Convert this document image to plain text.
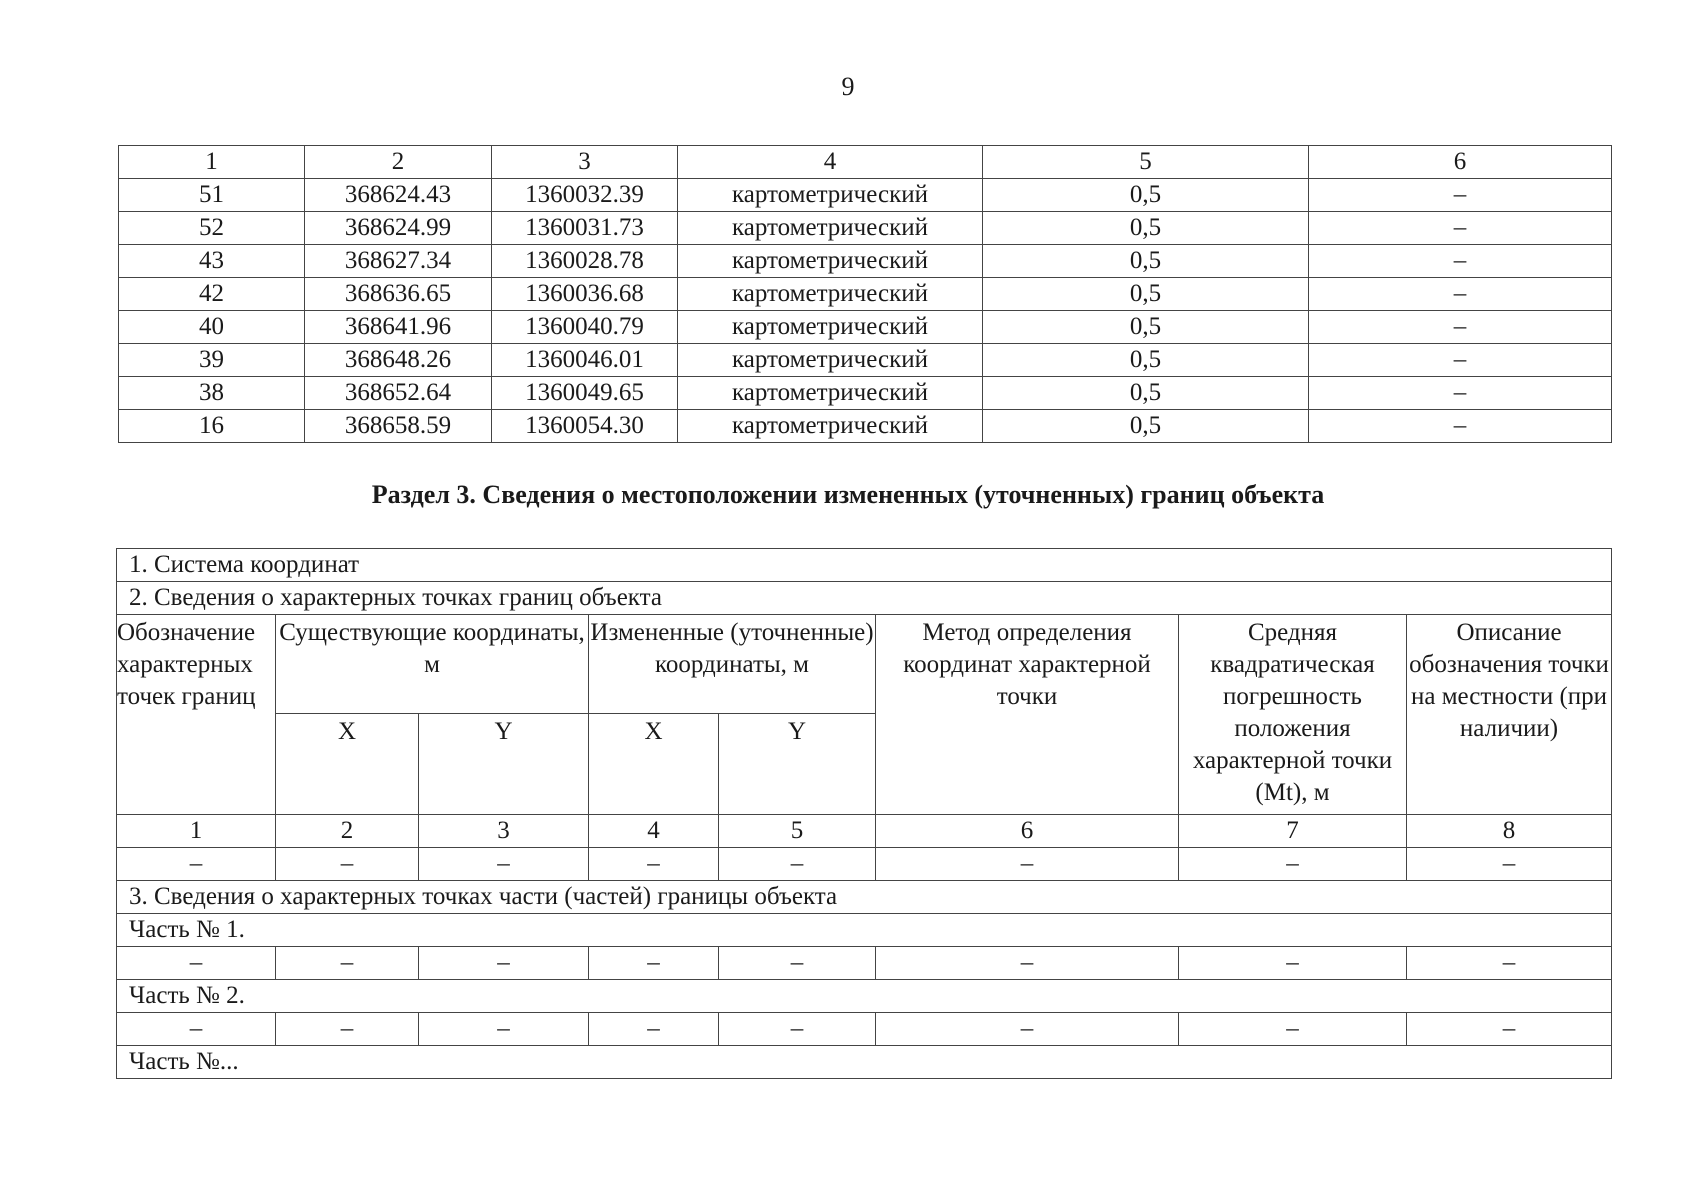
9
1	2	3	4	5	6
51	368624.43	1360032.39	картометрический	0,5	–
52	368624.99	1360031.73	картометрический	0,5	–
43	368627.34	1360028.78	картометрический	0,5	–
42	368636.65	1360036.68	картометрический	0,5	–
40	368641.96	1360040.79	картометрический	0,5	–
39	368648.26	1360046.01	картометрический	0,5	–
38	368652.64	1360049.65	картометрический	0,5	–
16	368658.59	1360054.30	картометрический	0,5	–
Раздел 3. Сведения о местоположении измененных (уточненных) границ объекта
1. Система координат							
2. Сведения о характерных точках границ объекта							
Обозначение характерных точек границ	Существующие координаты, м		Измененные (уточненные) координаты, м		Метод определения координат характерной точки	Средняя квадратическая погрешность положения характерной точки (Mt), м	Описание обозначения точки на местности (при наличии)
	X	Y	X	Y			
1	2	3	4	5	6	7	8
–	–	–	–	–	–	–	–
3. Сведения о характерных точках части (частей) границы объекта							
Часть № 1.							
–	–	–	–	–	–	–	–
Часть № 2.							
–	–	–	–	–	–	–	–
Часть №...							
